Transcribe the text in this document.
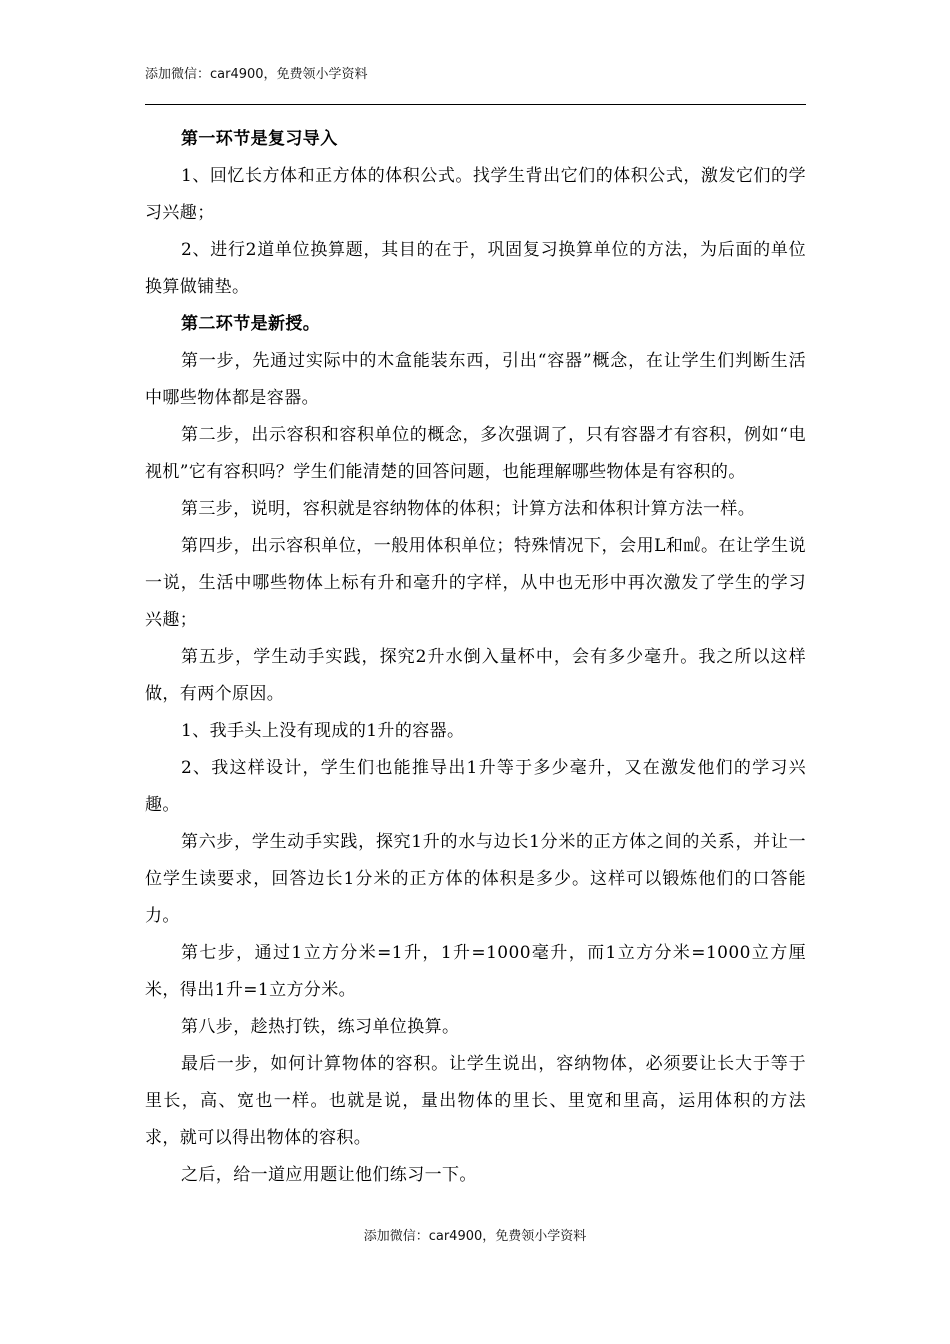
添加微信：car4900，免费领小学资料

第一环节是复习导入

1、回忆长方体和正方体的体积公式。找学生背出它们的体积公式，激发它们的学习兴趣；

2、进行2道单位换算题，其目的在于，巩固复习换算单位的方法，为后面的单位换算做铺垫。

第二环节是新授。

第一步，先通过实际中的木盒能装东西，引出“容器”概念，在让学生们判断生活中哪些物体都是容器。

第二步，出示容积和容积单位的概念，多次强调了，只有容器才有容积，例如“电视机”它有容积吗？学生们能清楚的回答问题，也能理解哪些物体是有容积的。

第三步，说明，容积就是容纳物体的体积；计算方法和体积计算方法一样。

第四步，出示容积单位，一般用体积单位；特殊情况下，会用L和㎖。在让学生说一说，生活中哪些物体上标有升和毫升的字样，从中也无形中再次激发了学生的学习兴趣；

第五步，学生动手实践，探究2升水倒入量杯中，会有多少毫升。我之所以这样做，有两个原因。

1、我手头上没有现成的1升的容器。

2、我这样设计，学生们也能推导出1升等于多少毫升，又在激发他们的学习兴趣。

第六步，学生动手实践，探究1升的水与边长1分米的正方体之间的关系，并让一位学生读要求，回答边长1分米的正方体的体积是多少。这样可以锻炼他们的口答能力。

第七步，通过1立方分米=1升，1升=1000毫升，而1立方分米=1000立方厘米，得出1升=1立方分米。

第八步，趁热打铁，练习单位换算。

最后一步，如何计算物体的容积。让学生说出，容纳物体，必须要让长大于等于里长，高、宽也一样。也就是说，量出物体的里长、里宽和里高，运用体积的方法求，就可以得出物体的容积。

之后，给一道应用题让他们练习一下。

添加微信：car4900，免费领小学资料
